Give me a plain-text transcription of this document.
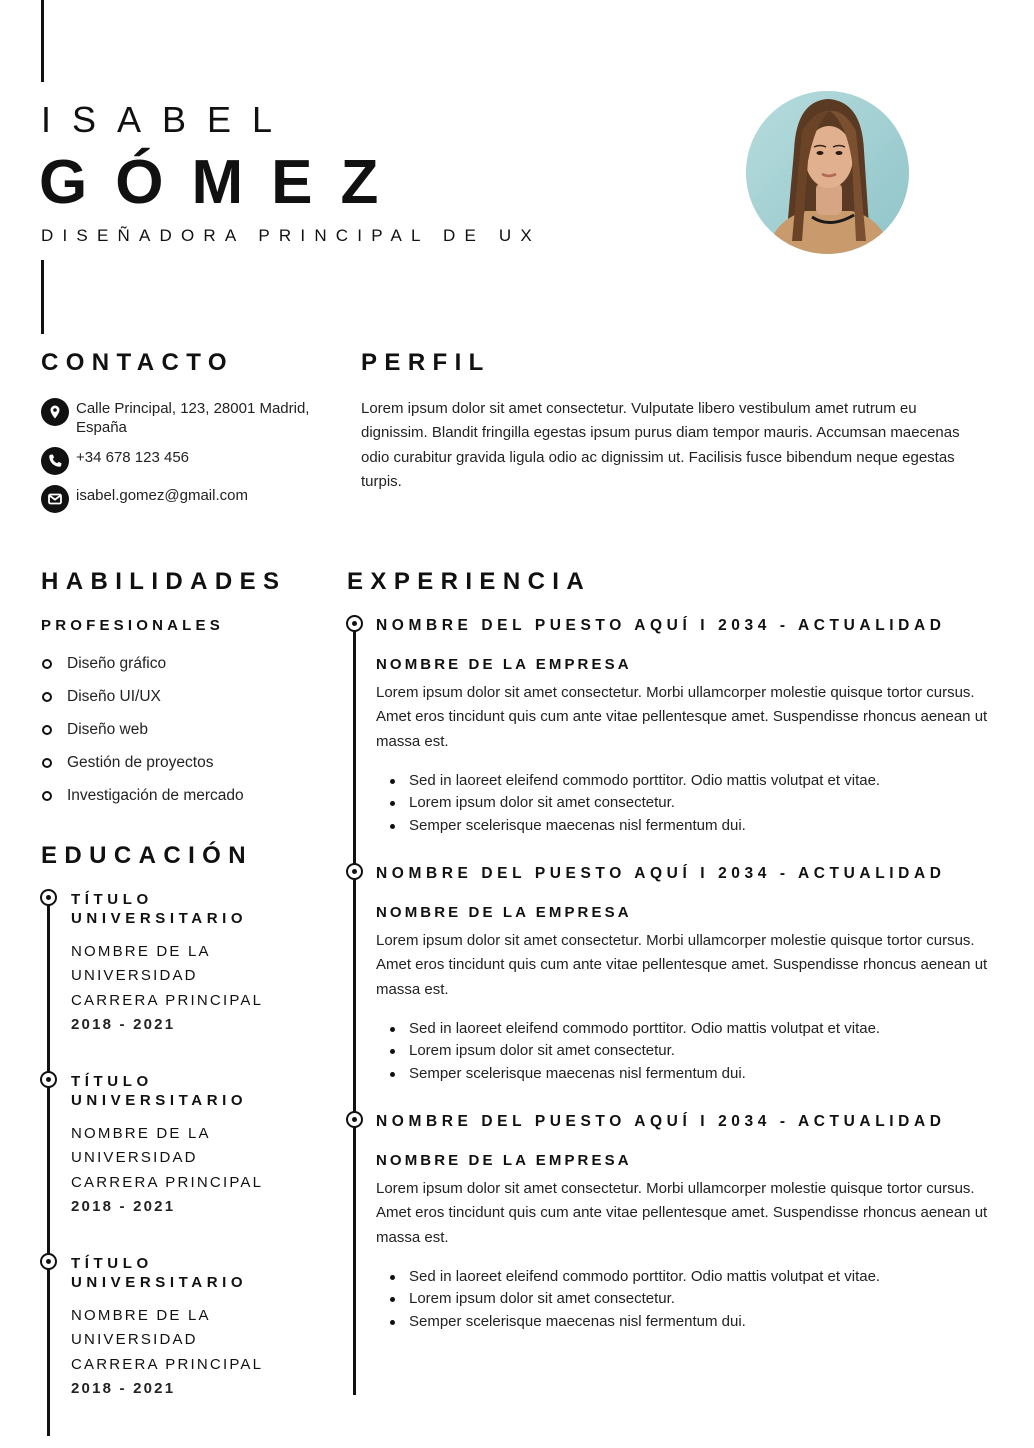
ISABEL
GÓMEZ
DISEÑADORA PRINCIPAL DE UX
CONTACTO
Calle Principal, 123, 28001 Madrid, España
+34 678 123 456
isabel.gomez@gmail.com
PERFIL

Lorem ipsum dolor sit amet consectetur. Vulputate libero vestibulum amet rutrum eu dignissim. Blandit fringilla egestas ipsum purus diam tempor mauris. Accumsan maecenas odio curabitur gravida ligula odio ac dignissim ut. Facilisis fusce bibendum neque egestas turpis.

HABILIDADES
PROFESIONALES
Diseño gráfico
Diseño UI/UX
Diseño web
Gestión de proyectos
Investigación de mercado
EDUCACIÓN
TÍTULO
UNIVERSITARIO
NOMBRE DE LA
UNIVERSIDAD
CARRERA PRINCIPAL
2018 - 2021
TÍTULO
UNIVERSITARIO
NOMBRE DE LA
UNIVERSIDAD
CARRERA PRINCIPAL
2018 - 2021
TÍTULO
UNIVERSITARIO
NOMBRE DE LA
UNIVERSIDAD
CARRERA PRINCIPAL
2018 - 2021
EXPERIENCIA
NOMBRE DEL PUESTO AQUÍ I 2034 - ACTUALIDAD
NOMBRE DE LA EMPRESA

Lorem ipsum dolor sit amet consectetur. Morbi ullamcorper molestie quisque tortor cursus. Amet eros tincidunt quis cum ante vitae pellentesque amet. Suspendisse rhoncus aenean ut massa est.

Sed in laoreet eleifend commodo porttitor. Odio mattis volutpat et vitae.
Lorem ipsum dolor sit amet consectetur.
Semper scelerisque maecenas nisl fermentum dui.
NOMBRE DEL PUESTO AQUÍ I 2034 - ACTUALIDAD
NOMBRE DE LA EMPRESA

Lorem ipsum dolor sit amet consectetur. Morbi ullamcorper molestie quisque tortor cursus. Amet eros tincidunt quis cum ante vitae pellentesque amet. Suspendisse rhoncus aenean ut massa est.

Sed in laoreet eleifend commodo porttitor. Odio mattis volutpat et vitae.
Lorem ipsum dolor sit amet consectetur.
Semper scelerisque maecenas nisl fermentum dui.
NOMBRE DEL PUESTO AQUÍ I 2034 - ACTUALIDAD
NOMBRE DE LA EMPRESA

Lorem ipsum dolor sit amet consectetur. Morbi ullamcorper molestie quisque tortor cursus. Amet eros tincidunt quis cum ante vitae pellentesque amet. Suspendisse rhoncus aenean ut massa est.

Sed in laoreet eleifend commodo porttitor. Odio mattis volutpat et vitae.
Lorem ipsum dolor sit amet consectetur.
Semper scelerisque maecenas nisl fermentum dui.
